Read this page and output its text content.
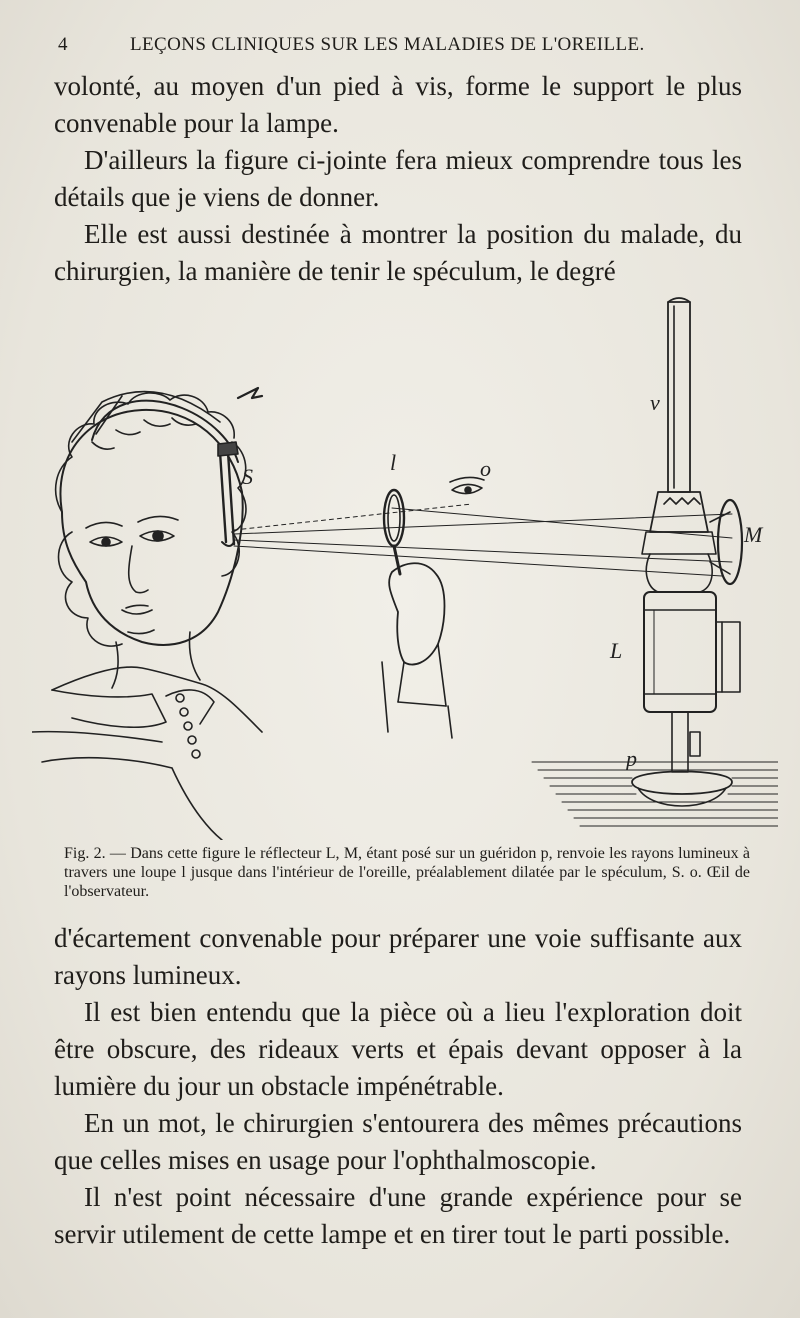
4	LEÇONS CLINIQUES SUR LES MALADIES DE L'OREILLE.

volonté, au moyen d'un pied à vis, forme le support le plus convenable pour la lampe.

D'ailleurs la figure ci-jointe fera mieux comprendre tous les détails que je viens de donner.

Elle est aussi destinée à montrer la position du malade, du chirurgien, la manière de tenir le spéculum, le degré

S
l	o
v
M
L
p
Fig. 2. — Dans cette figure le réflecteur L, M, étant posé sur un guéridon p, renvoie les rayons lumineux à travers une loupe l jusque dans l'intérieur de l'oreille, préalablement dilatée par le spéculum, S. o. Œil de l'observateur.

d'écartement convenable pour préparer une voie suffisante aux rayons lumineux.

Il est bien entendu que la pièce où a lieu l'exploration doit être obscure, des rideaux verts et épais devant opposer à la lumière du jour un obstacle impénétrable.

En un mot, le chirurgien s'entourera des mêmes précautions que celles mises en usage pour l'ophthalmoscopie.

Il n'est point nécessaire d'une grande expérience pour se servir utilement de cette lampe et en tirer tout le parti possible.
